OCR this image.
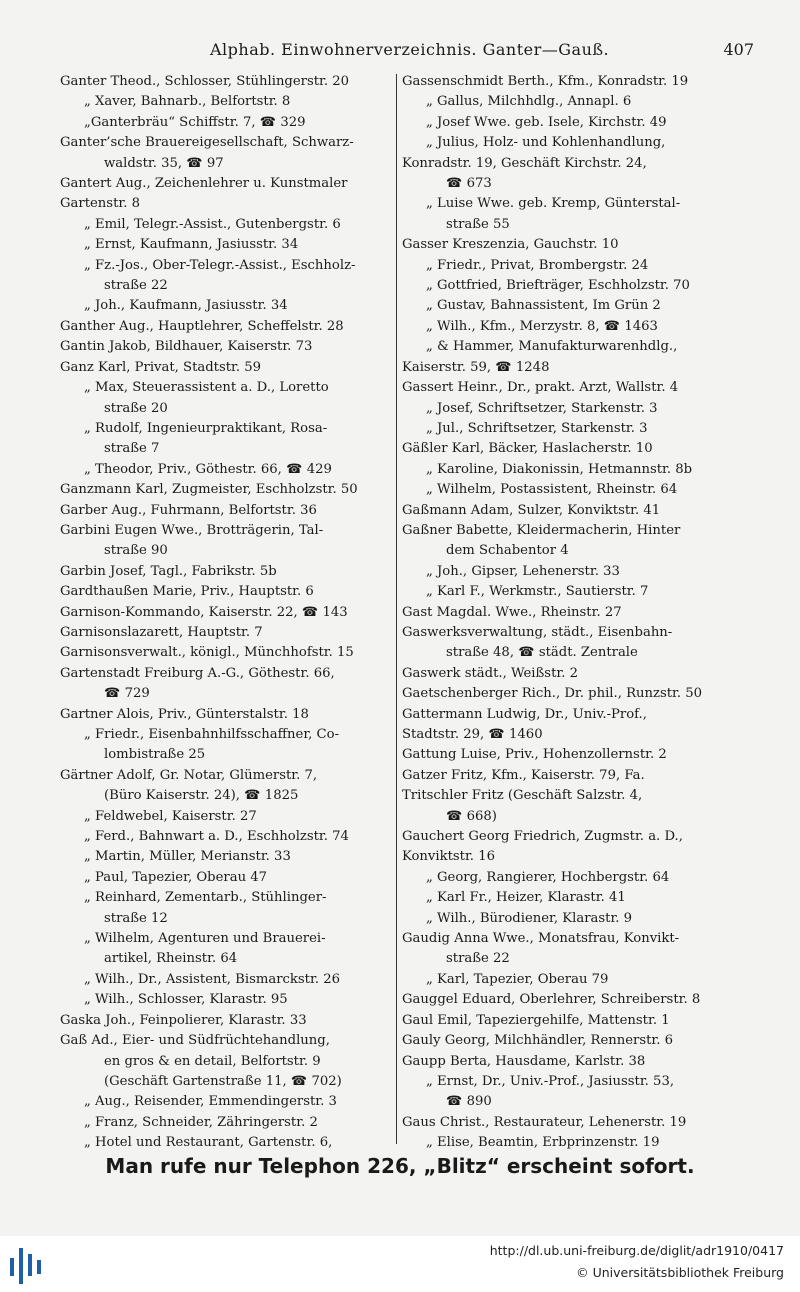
Alphab. Einwohnerverzeichnis. Ganter—Gauß.	407
Ganter Theod., Schlosser, Stühlingerstr. 20
„ Xaver, Bahnarb., Belfortstr. 8
„Ganterbräu“ Schiffstr. 7, ☎ 329
Ganter’sche Brauereigesellschaft, Schwarz-
waldstr. 35, ☎ 97
Gantert Aug., Zeichenlehrer u. Kunstmaler
Gartenstr. 8
„ Emil, Telegr.-Assist., Gutenbergstr. 6
„ Ernst, Kaufmann, Jasiusstr. 34
„ Fz.-Jos., Ober-Telegr.-Assist., Eschholz-
straße 22
„ Joh., Kaufmann, Jasiusstr. 34
Ganther Aug., Hauptlehrer, Scheffelstr. 28
Gantin Jakob, Bildhauer, Kaiserstr. 73
Ganz Karl, Privat, Stadtstr. 59
„ Max, Steuerassistent a. D., Loretto
straße 20
„ Rudolf, Ingenieurpraktikant, Rosa-
straße 7
„ Theodor, Priv., Göthestr. 66, ☎ 429
Ganzmann Karl, Zugmeister, Eschholzstr. 50
Garber Aug., Fuhrmann, Belfortstr. 36
Garbini Eugen Wwe., Brotträgerin, Tal-
straße 90
Garbin Josef, Tagl., Fabrikstr. 5b
Gardthaußen Marie, Priv., Hauptstr. 6
Garnison-Kommando, Kaiserstr. 22, ☎ 143
Garnisonslazarett, Hauptstr. 7
Garnisonsverwalt., königl., Münchhofstr. 15
Gartenstadt Freiburg A.-G., Göthestr. 66,
☎ 729
Gartner Alois, Priv., Günterstalstr. 18
„ Friedr., Eisenbahnhilfsschaffner, Co-
lombistraße 25
Gärtner Adolf, Gr. Notar, Glümerstr. 7,
(Büro Kaiserstr. 24), ☎ 1825
„ Feldwebel, Kaiserstr. 27
„ Ferd., Bahnwart a. D., Eschholzstr. 74
„ Martin, Müller, Merianstr. 33
„ Paul, Tapezier, Oberau 47
„ Reinhard, Zementarb., Stühlinger-
straße 12
„ Wilhelm, Agenturen und Brauerei-
artikel, Rheinstr. 64
„ Wilh., Dr., Assistent, Bismarckstr. 26
„ Wilh., Schlosser, Klarastr. 95
Gaska Joh., Feinpolierer, Klarastr. 33
Gaß Ad., Eier- und Südfrüchtehandlung,
en gros & en detail, Belfortstr. 9
(Geschäft Gartenstraße 11, ☎ 702)
„ Aug., Reisender, Emmendingerstr. 3
„ Franz, Schneider, Zähringerstr. 2
„ Hotel und Restaurant, Gartenstr. 6,
Gassenschmidt Berth., Kfm., Konradstr. 19
„ Gallus, Milchhdlg., Annapl. 6
„ Josef Wwe. geb. Isele, Kirchstr. 49
„ Julius, Holz- und Kohlenhandlung,
Konradstr. 19, Geschäft Kirchstr. 24,
☎ 673
„ Luise Wwe. geb. Kremp, Günterstal-
straße 55
Gasser Kreszenzia, Gauchstr. 10
„ Friedr., Privat, Brombergstr. 24
„ Gottfried, Briefträger, Eschholzstr. 70
„ Gustav, Bahnassistent, Im Grün 2
„ Wilh., Kfm., Merzystr. 8, ☎ 1463
„ & Hammer, Manufakturwarenhdlg.,
Kaiserstr. 59, ☎ 1248
Gassert Heinr., Dr., prakt. Arzt, Wallstr. 4
„ Josef, Schriftsetzer, Starkenstr. 3
„ Jul., Schriftsetzer, Starkenstr. 3
Gäßler Karl, Bäcker, Haslacherstr. 10
„ Karoline, Diakonissin, Hetmannstr. 8b
„ Wilhelm, Postassistent, Rheinstr. 64
Gaßmann Adam, Sulzer, Konviktstr. 41
Gaßner Babette, Kleidermacherin, Hinter
dem Schabentor 4
„ Joh., Gipser, Lehenerstr. 33
„ Karl F., Werkmstr., Sautierstr. 7
Gast Magdal. Wwe., Rheinstr. 27
Gaswerksverwaltung, städt., Eisenbahn-
straße 48, ☎ städt. Zentrale
Gaswerk städt., Weißstr. 2
Gaetschenberger Rich., Dr. phil., Runzstr. 50
Gattermann Ludwig, Dr., Univ.-Prof.,
Stadtstr. 29, ☎ 1460
Gattung Luise, Priv., Hohenzollernstr. 2
Gatzer Fritz, Kfm., Kaiserstr. 79, Fa.
Tritschler Fritz (Geschäft Salzstr. 4,
☎ 668)
Gauchert Georg Friedrich, Zugmstr. a. D.,
Konviktstr. 16
„ Georg, Rangierer, Hochbergstr. 64
„ Karl Fr., Heizer, Klarastr. 41
„ Wilh., Bürodiener, Klarastr. 9
Gaudig Anna Wwe., Monatsfrau, Konvikt-
straße 22
„ Karl, Tapezier, Oberau 79
Gauggel Eduard, Oberlehrer, Schreiberstr. 8
Gaul Emil, Tapeziergehilfe, Mattenstr. 1
Gauly Georg, Milchhändler, Rennerstr. 6
Gaupp Berta, Hausdame, Karlstr. 38
„ Ernst, Dr., Univ.-Prof., Jasiusstr. 53,
☎ 890
Gaus Christ., Restaurateur, Lehenerstr. 19
„ Elise, Beamtin, Erbprinzenstr. 19
Man rufe nur Telephon 226, „Blitz“ erscheint sofort.
http://dl.ub.uni-freiburg.de/diglit/adr1910/0417
© Universitätsbibliothek Freiburg
